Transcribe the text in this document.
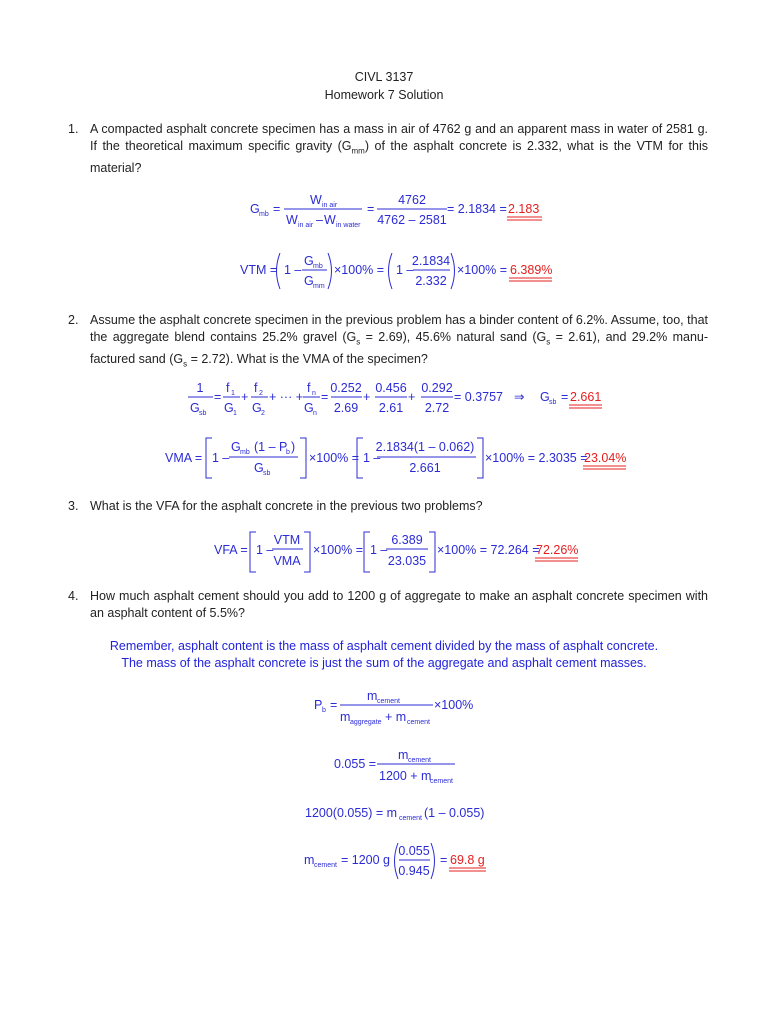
CIVL 3137
Homework 7 Solution
1. A compacted asphalt concrete specimen has a mass in air of 4762 g and an apparent mass in water of 2581 g. If the theoretical maximum specific gravity $(G_{mm})$ of the asphalt concrete is 2.332, what is the VTM for this material?
G mb =
W in air
W in air – W in water
=
4762
4762 – 2581
= 2.1834 = 2.183
VTM = 1 –
G mb
G mm
×100% = 1 –
2.1834
2.332
×100% = 6.389%
2. Assume the asphalt concrete specimen in the previous problem has a binder content of 6.2%. Assume, too, that the aggregate blend contains 25.2% gravel $(G_s = 2.69)$, 45.6% natural sand $(G_s = 2.61)$, and 29.2% manu-factured sand $(G_s = 2.72)$. What is the VMA of the specimen?
1
G sb
=
f 1
G 1
+
f 2
G 2
+ ··· +
f n
G n
=
0.252
2.69
+
0.456
2.61
+
0.292
2.72
= 0.3757 ⇒ G sb = 2.661
VMA = 1 –
G mb (1 – P
b )
G sb
×100% = 1 –
2.1834(1 – 0.062)
2.661
×100% = 2.3035 =
23.04%
3. What is the VFA for the asphalt concrete in the previous two problems?
VFA = 1 –
VTM
VMA
×100% = 1 –
6.389
23.035
×100% = 72.264 =
72.26%
4. How much asphalt cement should you add to 1200 g of aggregate to make an asphalt concrete specimen with an asphalt content of 5.5%?
Remember, asphalt content is the mass of asphalt cement divided by the mass of asphalt concrete.
The mass of the asphalt concrete is just the sum of the aggregate and asphalt cement masses.
P b =
m cement
m aggregate + m cement
×100%
0.055 =
m cement
1200 + m
cement
1200(0.055) = m cement (1 – 0.055)
m cement = 1200 g
0.055
0.945
= 69.8 g
